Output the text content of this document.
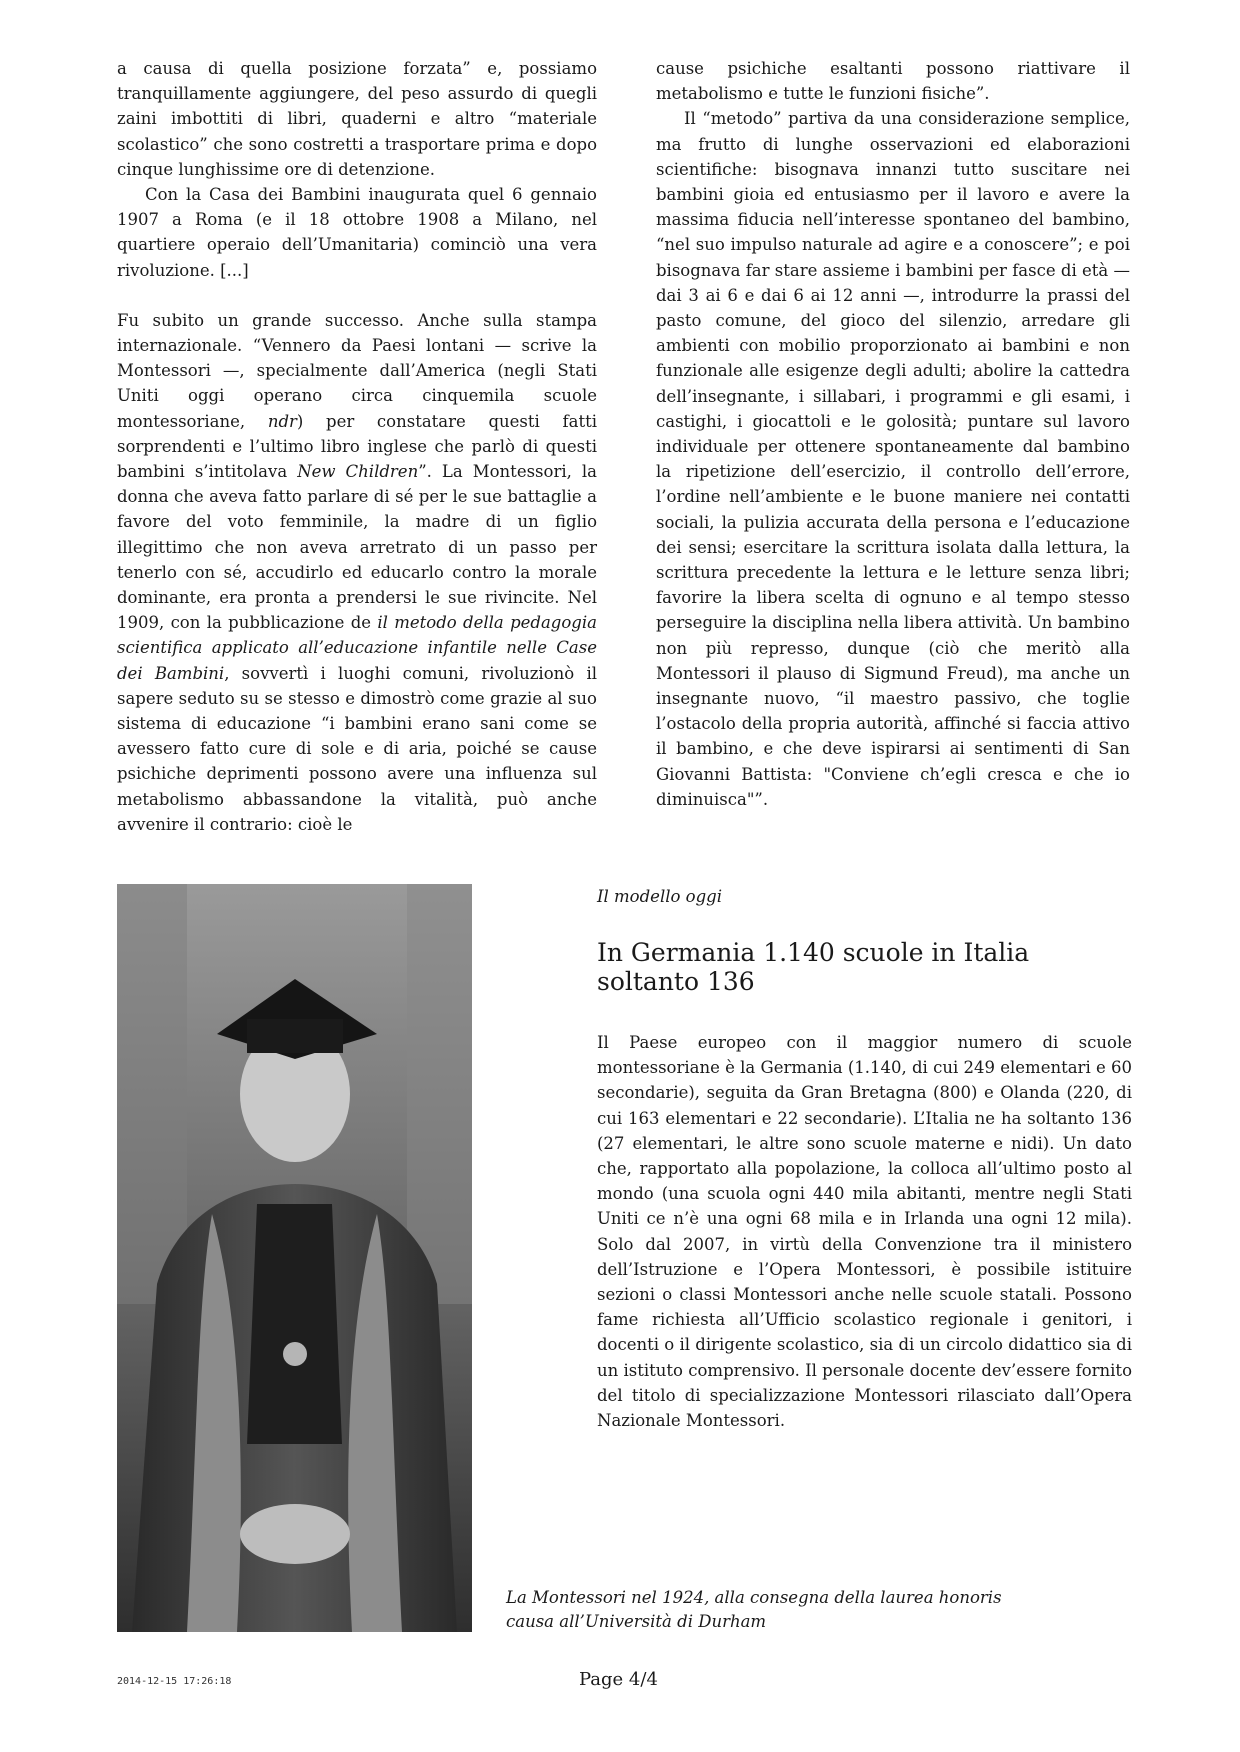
a causa di quella posizione forzata” e, possiamo tranquillamente aggiungere, del peso assurdo di quegli zaini imbottiti di libri, quaderni e altro “materiale scolastico” che sono costretti a trasportare prima e dopo cinque lunghissime ore di detenzione.

Con la Casa dei Bambini inaugurata quel 6 gennaio 1907 a Roma (e il 18 ottobre 1908 a Milano, nel quartiere operaio dell’Umanitaria) cominciò una vera rivoluzione. [...]

Fu subito un grande successo. Anche sulla stampa internazionale. “Vennero da Paesi lontani — scrive la Montessori —, specialmente dall’America (negli Stati Uniti oggi operano circa cinquemila scuole montessoriane, ndr) per constatare questi fatti sorprendenti e l’ultimo libro inglese che parlò di questi bambini s’intitolava New Children”. La Montessori, la donna che aveva fatto parlare di sé per le sue battaglie a favore del voto femminile, la madre di un figlio illegittimo che non aveva arretrato di un passo per tenerlo con sé, accudirlo ed educarlo contro la morale dominante, era pronta a prendersi le sue rivincite. Nel 1909, con la pubblicazione de il metodo della pedagogia scientifica applicato all’educazione infantile nelle Case dei Bambini, sovvertì i luoghi comuni, rivoluzionò il sapere seduto su se stesso e dimostrò come grazie al suo sistema di educazione “i bambini erano sani come se avessero fatto cure di sole e di aria, poiché se cause psichiche deprimenti possono avere una influenza sul metabolismo abbassandone la vitalità, può anche avvenire il contrario: cioè le

cause psichiche esaltanti possono riattivare il metabolismo e tutte le funzioni fisiche”.

Il “metodo” partiva da una considerazione semplice, ma frutto di lunghe osservazioni ed elaborazioni scientifiche: bisognava innanzi tutto suscitare nei bambini gioia ed entusiasmo per il lavoro e avere la massima fiducia nell’interesse spontaneo del bambino, “nel suo impulso naturale ad agire e a conoscere”; e poi bisognava far stare assieme i bambini per fasce di età — dai 3 ai 6 e dai 6 ai 12 anni —, introdurre la prassi del pasto comune, del gioco del silenzio, arredare gli ambienti con mobilio proporzionato ai bambini e non funzionale alle esigenze degli adulti; abolire la cattedra dell’insegnante, i sillabari, i programmi e gli esami, i castighi, i giocattoli e le golosità; puntare sul lavoro individuale per ottenere spontaneamente dal bambino la ripetizione dell’esercizio, il controllo dell’errore, l’ordine nell’ambiente e le buone maniere nei contatti sociali, la pulizia accurata della persona e l’educazione dei sensi; esercitare la scrittura isolata dalla lettura, la scrittura precedente la lettura e le letture senza libri; favorire la libera scelta di ognuno e al tempo stesso perseguire la disciplina nella libera attività. Un bambino non più represso, dunque (ciò che meritò alla Montessori il plauso di Sigmund Freud), ma anche un insegnante nuovo, “il maestro passivo, che toglie l’ostacolo della propria autorità, affinché si faccia attivo il bambino, e che deve ispirarsi ai sentimenti di San Giovanni Battista: "Conviene ch’egli cresca e che io diminuisca"”.

La Montessori nel 1924, alla consegna della laurea honoris causa all’Università di Durham
Il modello oggi
In Germania 1.140 scuole in Italia soltanto 136

Il Paese europeo con il maggior numero di scuole montessoriane è la Germania (1.140, di cui 249 elementari e 60 secondarie), seguita da Gran Bretagna (800) e Olanda (220, di cui 163 elementari e 22 secondarie). L’Italia ne ha soltanto 136 (27 elementari, le altre sono scuole materne e nidi). Un dato che, rapportato alla popolazione, la colloca all’ultimo posto al mondo (una scuola ogni 440 mila abitanti, mentre negli Stati Uniti ce n’è una ogni 68 mila e in Irlanda una ogni 12 mila). Solo dal 2007, in virtù della Convenzione tra il ministero dell’Istruzione e l’Opera Montessori, è possibile istituire sezioni o classi Montessori anche nelle scuole statali. Possono fame richiesta all’Ufficio scolastico regionale i genitori, i docenti o il dirigente scolastico, sia di un circolo didattico sia di un istituto comprensivo. Il personale docente dev’essere fornito del titolo di specializzazione Montessori rilasciato dall’Opera Nazionale Montessori.

2014-12-15 17:26:18	Page 4/4
